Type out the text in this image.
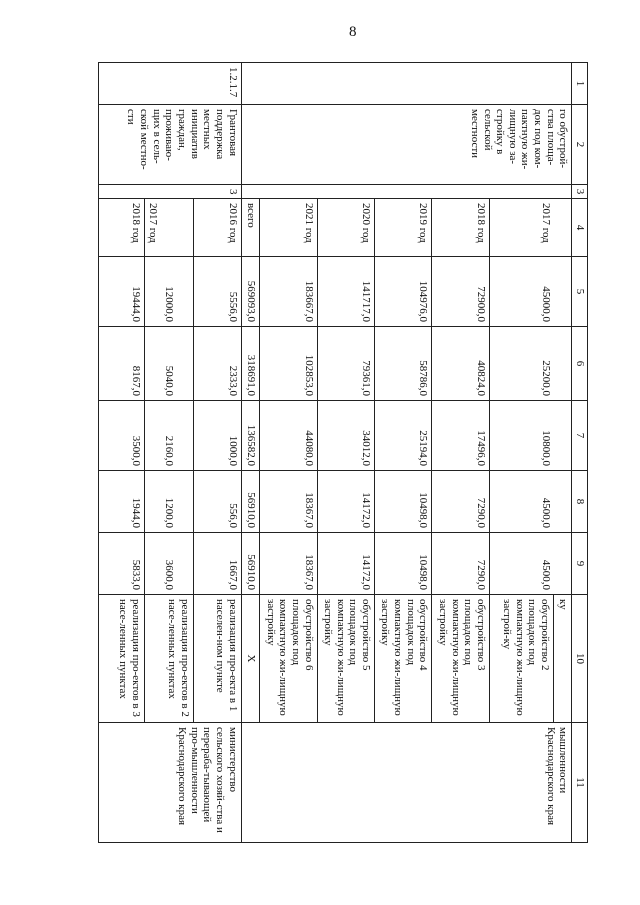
8
1	2	3	4	5	6	7	8	9	10	11
	го обустрой-ства площа-док под ком-пактную жи-лищную за-стройку в сельской местности								ку	мышленности Краснодарского края
			2017 год	45000,0	25200,0	10800,0	4500,0	4500,0	обустройство 2 площадок под компактную жи-лищную застрой-ку	
			2018 год	72900,0	40824,0	17496,0	7290,0	7290,0	обустройство 3 площадок под компактную жи-лищную застройку	
			2019 год	104976,0	58786,0	25194,0	10498,0	10498,0	обустройство 4 площадок под компактную жи-лищную застройку	
			2020 год	141717,0	79361,0	34012,0	14172,0	14172,0	обустройство 5 площадок под компактную жи-лищную застройку	
			2021 год	183667,0	102853,0	44080,0	18367,0	18367,0	обустройство 6 площадок под компактную жи-лищную застройку	
			всего	569093,0	318691,0	136582,0	56910,0	56910,0	X	
1.2.1.7	Грантовая поддержка местных инициатив граждан, проживаю-щих в сель-ской местно-сти	3	2016 год	5556,0	2333,0	1000,0	556,0	1667,0	реализация про-екта в 1 населен-ном пункте	министерство сельского хозяй-ства и перераба-тывающей про-мышленности Краснодарского края
			2017 год	12000,0	5040,0	2160,0	1200,0	3600,0	реализация про-ектов в 2 насе-ленных пунктах	
			2018 год	19444,0	8167,0	3500,0	1944,0	5833,0	реализация про-ектов в 3 насе-ленных пунктах	
